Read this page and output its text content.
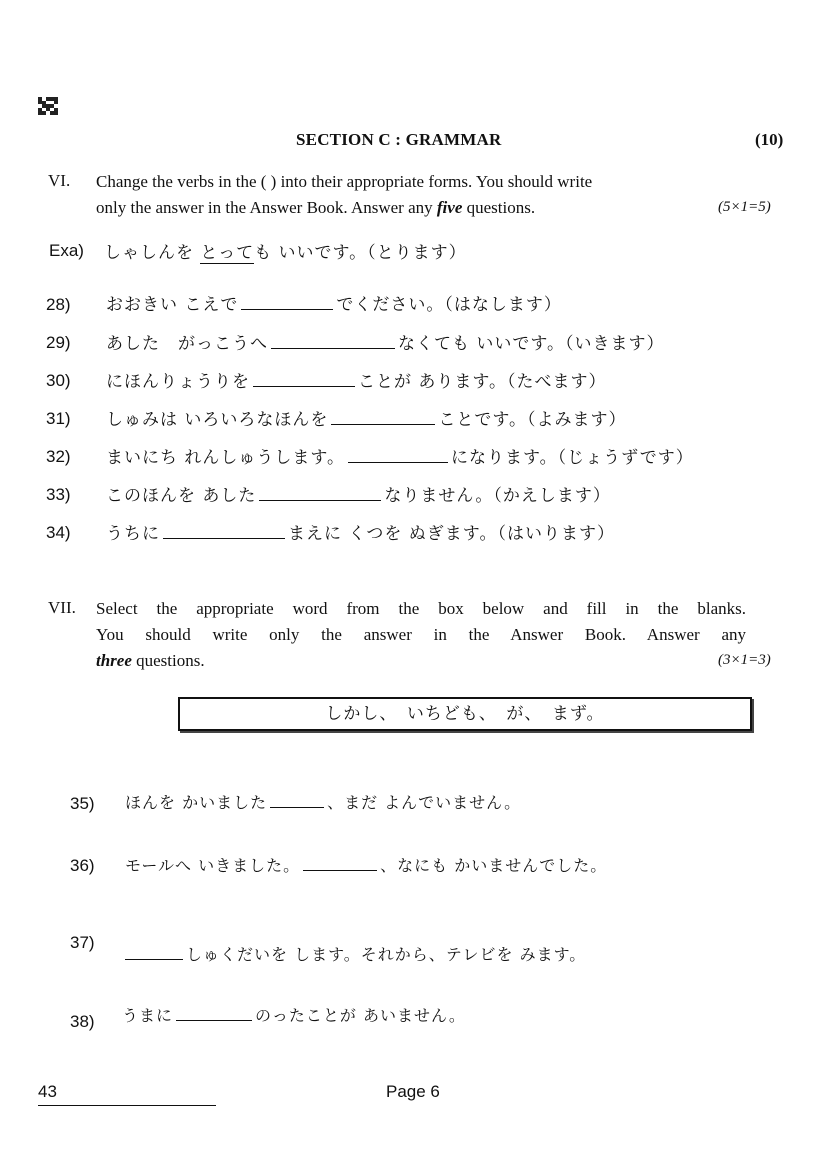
SECTION C : GRAMMAR	(10)
VI. Change the verbs in the ( ) into their appropriate forms. You should write
only the answer in the Answer Book. Answer any five questions.	(5×1=5)
Exa) しゃしんを とっても いいです。（とります）
28) おおきい こえで	でください。（はなします）
29) あした　がっこうへ	なくても いいです。（いきます）
30) にほんりょうりを	ことが あります。（たべます）
31) しゅみは いろいろなほんを	ことです。（よみます）
32) まいにち れんしゅうします。	になります。（じょうずです）
33) このほんを あした	なりません。（かえします）
34) うちに	まえに くつを ぬぎます。（はいります）
VII. Select the appropriate word from the box below and fill in the blanks.
You should write only the answer in the Answer Book. Answer any
three questions.	(3×1=3)
しかし、　いちども、　が、　まず。
35) ほんを かいました	、まだ よんでいません。
36) モールへ いきました。	、なにも かいませんでした。
37)
しゅくだいを します。それから、テレビを みます。
38) うまに	のったことが あいません。
43	Page 6
